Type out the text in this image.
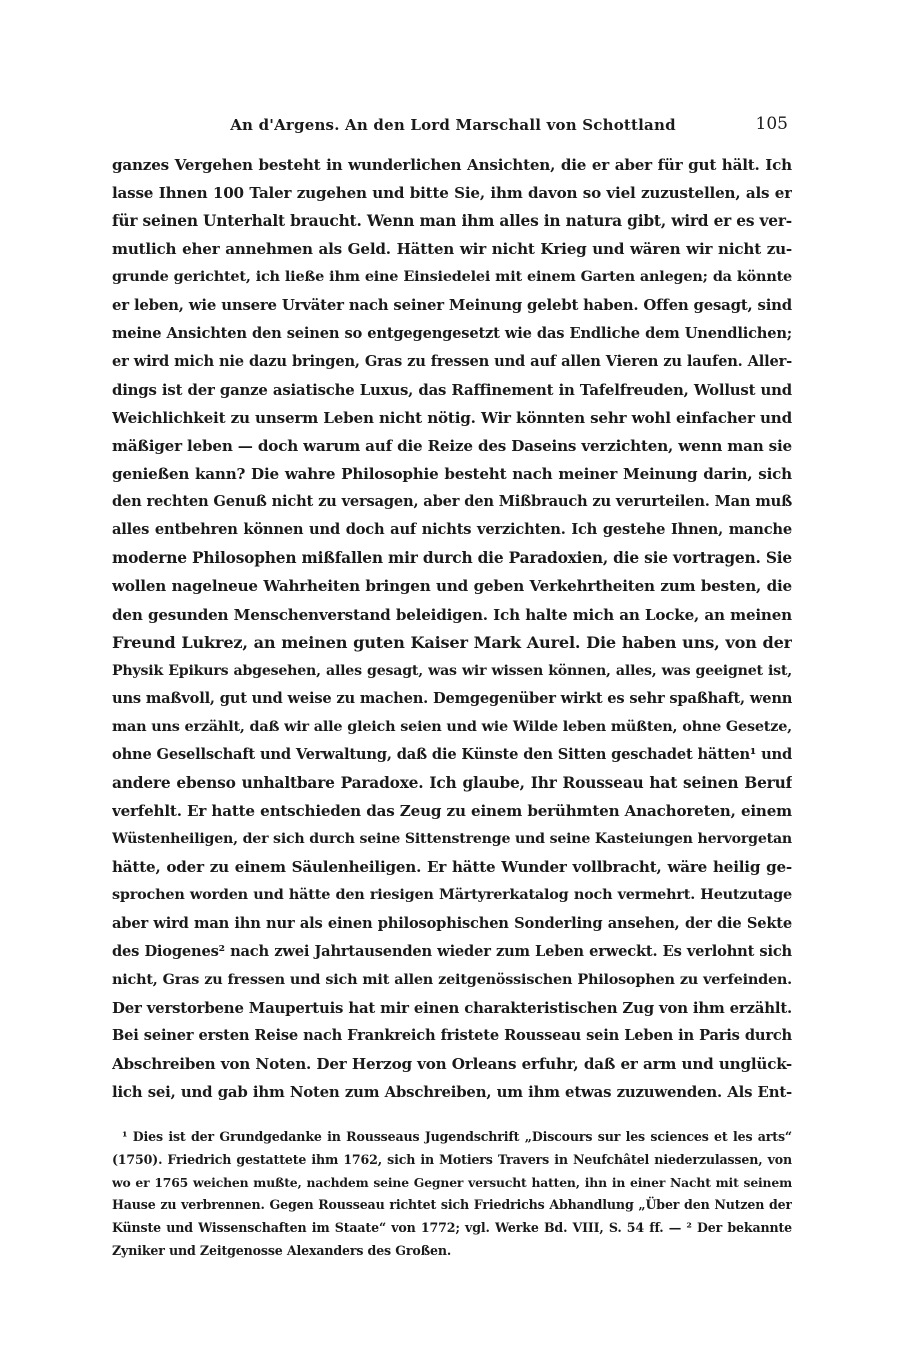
An d'Argens. An den Lord Marschall von Schottland	105
ganzes Vergehen besteht in wunderlichen Ansichten, die er aber für gut hält. Ich
lasse Ihnen 100 Taler zugehen und bitte Sie, ihm davon so viel zuzustellen, als er
für seinen Unterhalt braucht. Wenn man ihm alles in natura gibt, wird er es ver-
mutlich eher annehmen als Geld. Hätten wir nicht Krieg und wären wir nicht zu-
grunde gerichtet, ich ließe ihm eine Einsiedelei mit einem Garten anlegen; da könnte
er leben, wie unsere Urväter nach seiner Meinung gelebt haben. Offen gesagt, sind
meine Ansichten den seinen so entgegengesetzt wie das Endliche dem Unendlichen;
er wird mich nie dazu bringen, Gras zu fressen und auf allen Vieren zu laufen. Aller-
dings ist der ganze asiatische Luxus, das Raffinement in Tafelfreuden, Wollust und
Weichlichkeit zu unserm Leben nicht nötig. Wir könnten sehr wohl einfacher und
mäßiger leben — doch warum auf die Reize des Daseins verzichten, wenn man sie
genießen kann? Die wahre Philosophie besteht nach meiner Meinung darin, sich
den rechten Genuß nicht zu versagen, aber den Mißbrauch zu verurteilen. Man muß
alles entbehren können und doch auf nichts verzichten. Ich gestehe Ihnen, manche
moderne Philosophen mißfallen mir durch die Paradoxien, die sie vortragen. Sie
wollen nagelneue Wahrheiten bringen und geben Verkehrtheiten zum besten, die
den gesunden Menschenverstand beleidigen. Ich halte mich an Locke, an meinen
Freund Lukrez, an meinen guten Kaiser Mark Aurel. Die haben uns, von der
Physik Epikurs abgesehen, alles gesagt, was wir wissen können, alles, was geeignet ist,
uns maßvoll, gut und weise zu machen. Demgegenüber wirkt es sehr spaßhaft, wenn
man uns erzählt, daß wir alle gleich seien und wie Wilde leben müßten, ohne Gesetze,
ohne Gesellschaft und Verwaltung, daß die Künste den Sitten geschadet hätten¹ und
andere ebenso unhaltbare Paradoxe. Ich glaube, Ihr Rousseau hat seinen Beruf
verfehlt. Er hatte entschieden das Zeug zu einem berühmten Anachoreten, einem
Wüstenheiligen, der sich durch seine Sittenstrenge und seine Kasteiungen hervorgetan
hätte, oder zu einem Säulenheiligen. Er hätte Wunder vollbracht, wäre heilig ge-
sprochen worden und hätte den riesigen Märtyrerkatalog noch vermehrt. Heutzutage
aber wird man ihn nur als einen philosophischen Sonderling ansehen, der die Sekte
des Diogenes² nach zwei Jahrtausenden wieder zum Leben erweckt. Es verlohnt sich
nicht, Gras zu fressen und sich mit allen zeitgenössischen Philosophen zu verfeinden.
Der verstorbene Maupertuis hat mir einen charakteristischen Zug von ihm erzählt.
Bei seiner ersten Reise nach Frankreich fristete Rousseau sein Leben in Paris durch
Abschreiben von Noten. Der Herzog von Orleans erfuhr, daß er arm und unglück-
lich sei, und gab ihm Noten zum Abschreiben, um ihm etwas zuzuwenden. Als Ent-
¹ Dies ist der Grundgedanke in Rousseaus Jugendschrift „Discours sur les sciences et les arts“
(1750). Friedrich gestattete ihm 1762, sich in Motiers Travers in Neufchâtel niederzulassen, von
wo er 1765 weichen mußte, nachdem seine Gegner versucht hatten, ihn in einer Nacht mit seinem
Hause zu verbrennen. Gegen Rousseau richtet sich Friedrichs Abhandlung „Über den Nutzen der
Künste und Wissenschaften im Staate“ von 1772; vgl. Werke Bd. VIII, S. 54 ff. — ² Der bekannte
Zyniker und Zeitgenosse Alexanders des Großen.
